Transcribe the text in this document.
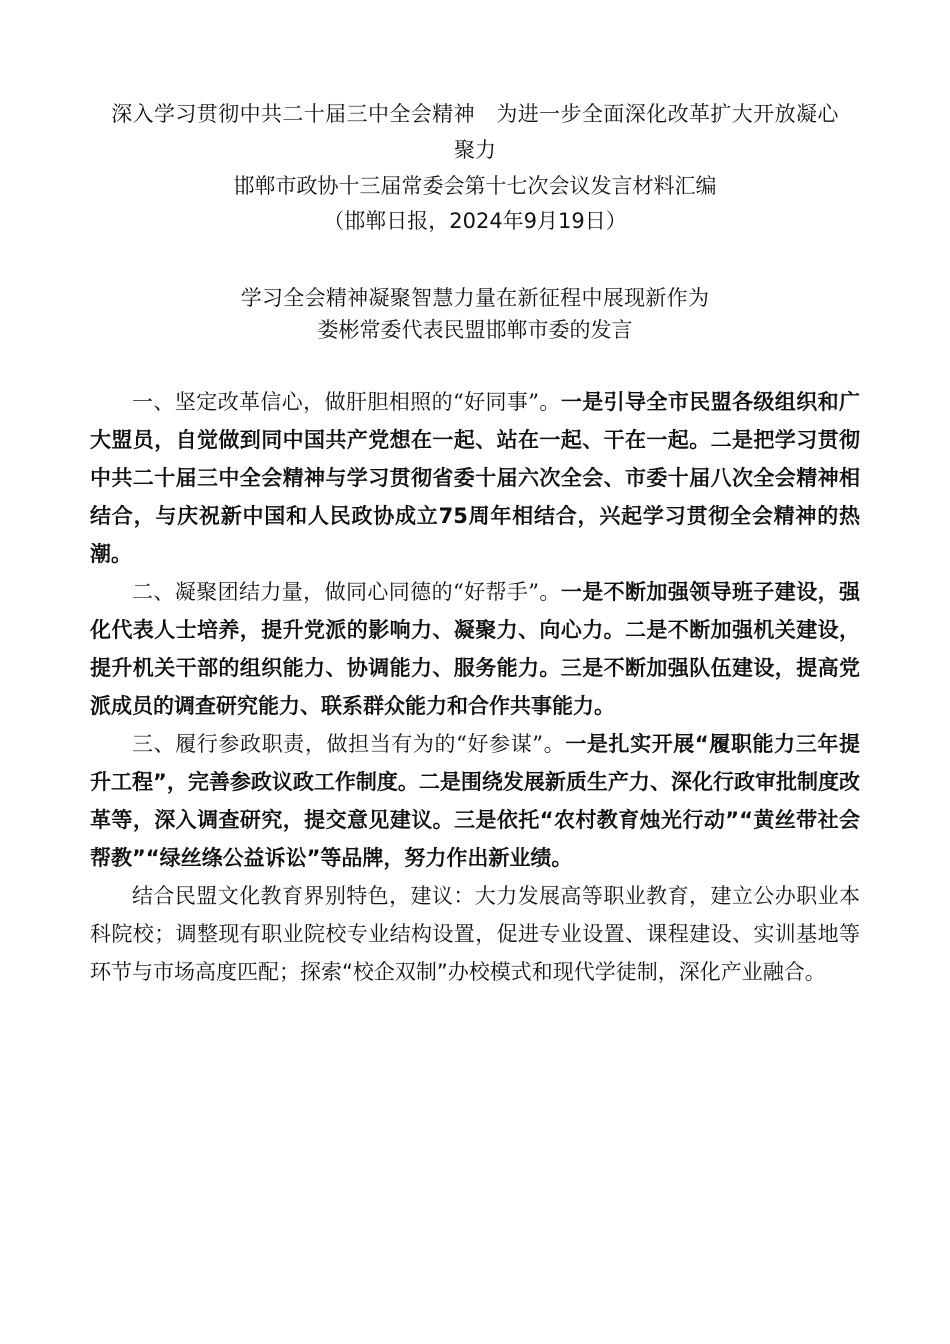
深入学习贯彻中共二十届三中全会精神　为进一步全面深化改革扩大开放凝心
聚力
邯郸市政协十三届常委会第十七次会议发言材料汇编
（邯郸日报，2024年9月19日）
学习全会精神凝聚智慧力量在新征程中展现新作为
娄彬常委代表民盟邯郸市委的发言

一、坚定改革信心，做肝胆相照的“好同事”。一是引导全市民盟各级组织和广大盟员，自觉做到同中国共产党想在一起、站在一起、干在一起。二是把学习贯彻中共二十届三中全会精神与学习贯彻省委十届六次全会、市委十届八次全会精神相结合，与庆祝新中国和人民政协成立75周年相结合，兴起学习贯彻全会精神的热潮。

二、凝聚团结力量，做同心同德的“好帮手”。一是不断加强领导班子建设，强化代表人士培养，提升党派的影响力、凝聚力、向心力。二是不断加强机关建设，提升机关干部的组织能力、协调能力、服务能力。三是不断加强队伍建设，提高党派成员的调查研究能力、联系群众能力和合作共事能力。

三、履行参政职责，做担当有为的“好参谋”。一是扎实开展“履职能力三年提升工程”，完善参政议政工作制度。二是围绕发展新质生产力、深化行政审批制度改革等，深入调查研究，提交意见建议。三是依托“农村教育烛光行动”“黄丝带社会帮教”“绿丝绦公益诉讼”等品牌，努力作出新业绩。

结合民盟文化教育界别特色，建议：大力发展高等职业教育，建立公办职业本科院校；调整现有职业院校专业结构设置，促进专业设置、课程建设、实训基地等环节与市场高度匹配；探索“校企双制”办校模式和现代学徒制，深化产业融合。
